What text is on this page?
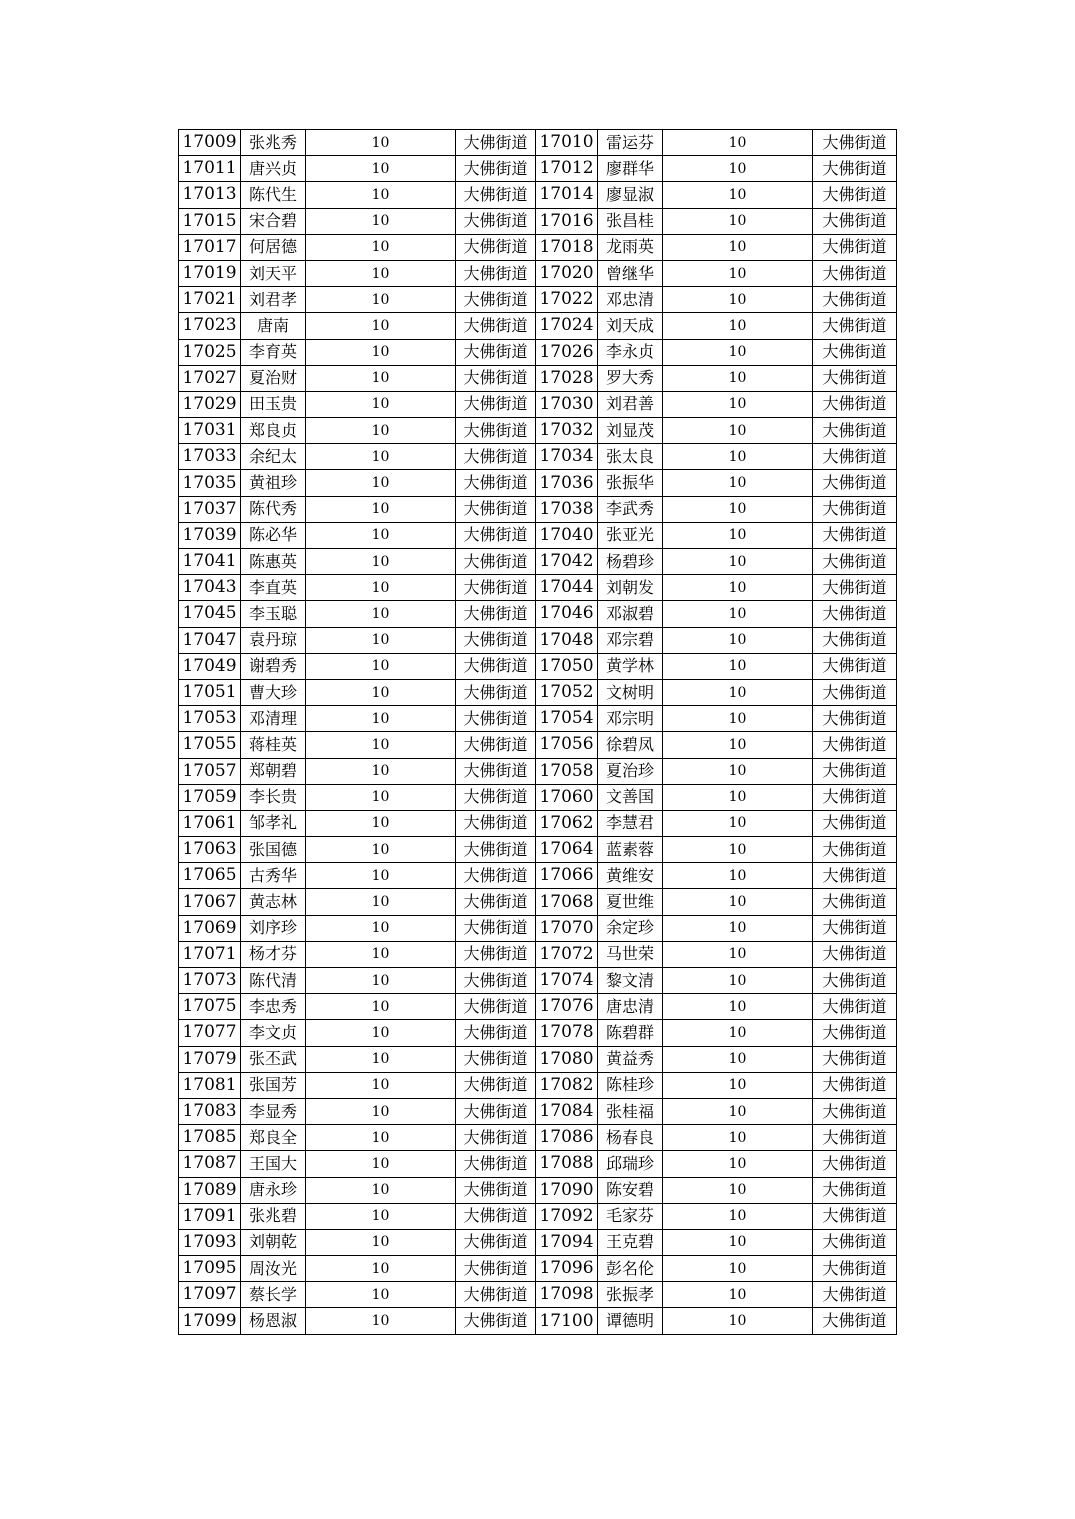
17009	张兆秀	10	大佛街道	17010	雷运芬	10	大佛街道
17011	唐兴贞	10	大佛街道	17012	廖群华	10	大佛街道
17013	陈代生	10	大佛街道	17014	廖显淑	10	大佛街道
17015	宋合碧	10	大佛街道	17016	张昌桂	10	大佛街道
17017	何居德	10	大佛街道	17018	龙雨英	10	大佛街道
17019	刘天平	10	大佛街道	17020	曾继华	10	大佛街道
17021	刘君孝	10	大佛街道	17022	邓忠清	10	大佛街道
17023	唐南	10	大佛街道	17024	刘天成	10	大佛街道
17025	李育英	10	大佛街道	17026	李永贞	10	大佛街道
17027	夏治财	10	大佛街道	17028	罗大秀	10	大佛街道
17029	田玉贵	10	大佛街道	17030	刘君善	10	大佛街道
17031	郑良贞	10	大佛街道	17032	刘显茂	10	大佛街道
17033	余纪太	10	大佛街道	17034	张太良	10	大佛街道
17035	黄祖珍	10	大佛街道	17036	张振华	10	大佛街道
17037	陈代秀	10	大佛街道	17038	李武秀	10	大佛街道
17039	陈必华	10	大佛街道	17040	张亚光	10	大佛街道
17041	陈惠英	10	大佛街道	17042	杨碧珍	10	大佛街道
17043	李直英	10	大佛街道	17044	刘朝发	10	大佛街道
17045	李玉聪	10	大佛街道	17046	邓淑碧	10	大佛街道
17047	袁丹琼	10	大佛街道	17048	邓宗碧	10	大佛街道
17049	谢碧秀	10	大佛街道	17050	黄学林	10	大佛街道
17051	曹大珍	10	大佛街道	17052	文树明	10	大佛街道
17053	邓清理	10	大佛街道	17054	邓宗明	10	大佛街道
17055	蒋桂英	10	大佛街道	17056	徐碧凤	10	大佛街道
17057	郑朝碧	10	大佛街道	17058	夏治珍	10	大佛街道
17059	李长贵	10	大佛街道	17060	文善国	10	大佛街道
17061	邹孝礼	10	大佛街道	17062	李慧君	10	大佛街道
17063	张国德	10	大佛街道	17064	蓝素蓉	10	大佛街道
17065	古秀华	10	大佛街道	17066	黄维安	10	大佛街道
17067	黄志林	10	大佛街道	17068	夏世维	10	大佛街道
17069	刘序珍	10	大佛街道	17070	余定珍	10	大佛街道
17071	杨才芬	10	大佛街道	17072	马世荣	10	大佛街道
17073	陈代清	10	大佛街道	17074	黎文清	10	大佛街道
17075	李忠秀	10	大佛街道	17076	唐忠清	10	大佛街道
17077	李文贞	10	大佛街道	17078	陈碧群	10	大佛街道
17079	张丕武	10	大佛街道	17080	黄益秀	10	大佛街道
17081	张国芳	10	大佛街道	17082	陈桂珍	10	大佛街道
17083	李显秀	10	大佛街道	17084	张桂福	10	大佛街道
17085	郑良全	10	大佛街道	17086	杨春良	10	大佛街道
17087	王国大	10	大佛街道	17088	邱瑞珍	10	大佛街道
17089	唐永珍	10	大佛街道	17090	陈安碧	10	大佛街道
17091	张兆碧	10	大佛街道	17092	毛家芬	10	大佛街道
17093	刘朝乾	10	大佛街道	17094	王克碧	10	大佛街道
17095	周汝光	10	大佛街道	17096	彭名伦	10	大佛街道
17097	蔡长学	10	大佛街道	17098	张振孝	10	大佛街道
17099	杨恩淑	10	大佛街道	17100	谭德明	10	大佛街道
